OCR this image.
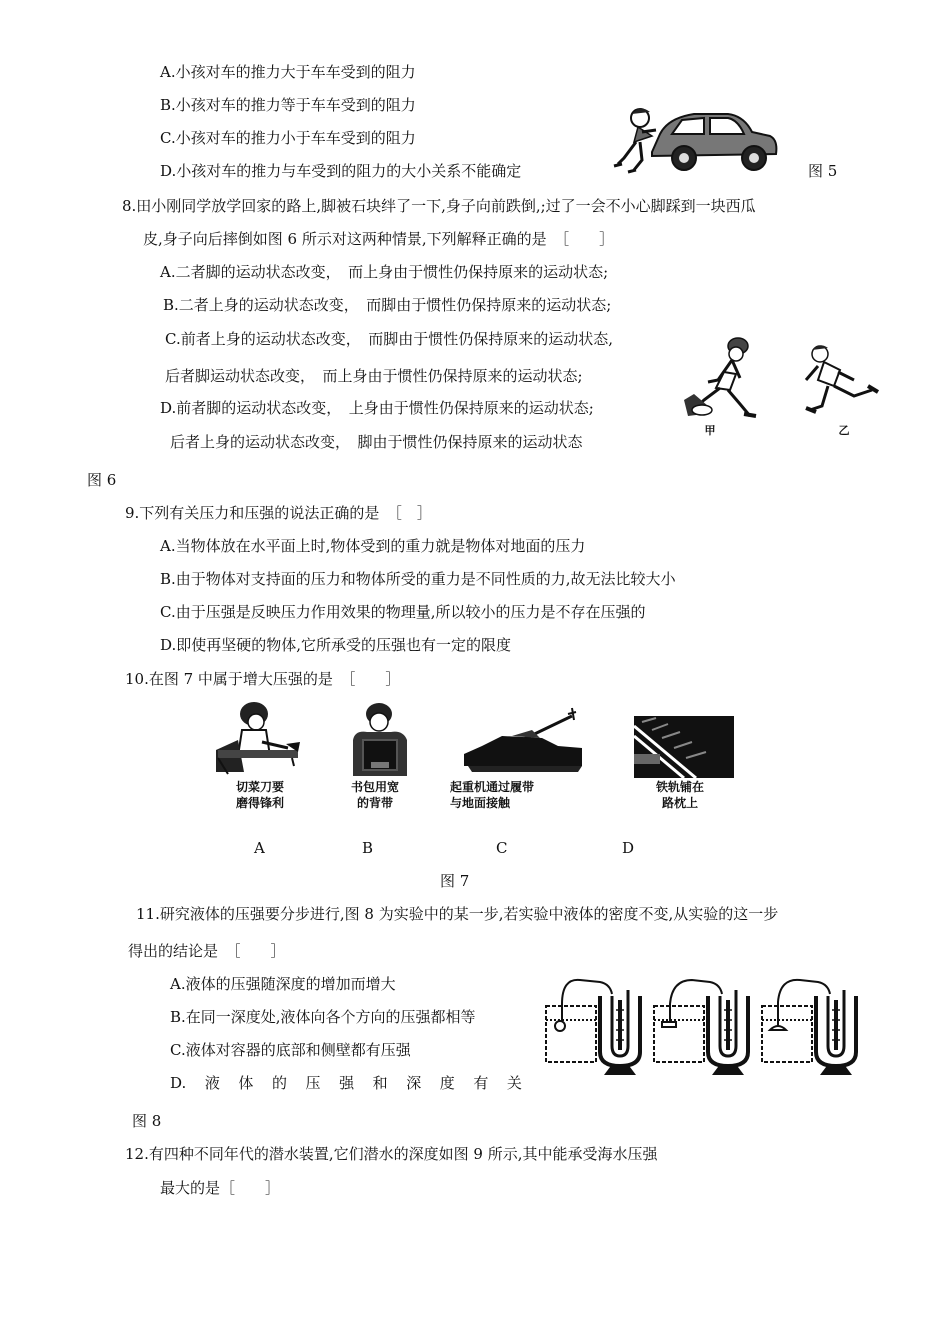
A.小孩对车的推力大于车车受到的阻力
B.小孩对车的推力等于车车受到的阻力
C.小孩对车的推力小于车车受到的阻力
D.小孩对车的推力与车受到的阻力的大小关系不能确定	图 5
8.田小刚同学放学回家的路上,脚被石块绊了一下,身子向前跌倒,;过了一会不小心脚踩到一块西瓜
皮,身子向后摔倒如图 6 所示对这两种情景,下列解释正确的是　［　　］
A.二者脚的运动状态改变，　而上身由于惯性仍保持原来的运动状态;
B.二者上身的运动状态改变，　而脚由于惯性仍保持原来的运动状态;
C.前者上身的运动状态改变，　而脚由于惯性仍保持原来的运动状态,
后者脚运动状态改变，　而上身由于惯性仍保持原来的运动状态;
D.前者脚的运动状态改变，　上身由于惯性仍保持原来的运动状态;
后者上身的运动状态改变，　脚由于惯性仍保持原来的运动状态
甲	乙
图 6
9.下列有关压力和压强的说法正确的是　［　］
A.当物体放在水平面上时,物体受到的重力就是物体对地面的压力
B.由于物体对支持面的压力和物体所受的重力是不同性质的力,故无法比较大小
C.由于压强是反映压力作用效果的物理量,所以较小的压力是不存在压强的
D.即使再坚硬的物体,它所承受的压强也有一定的限度
10.在图 7 中属于增大压强的是　［　　］
切菜刀要
磨得锋利
书包用宽
的背带
起重机通过履带
与地面接触
铁轨铺在
路枕上
A	B	C	D
图 7
11.研究液体的压强要分步进行,图 8 为实验中的某一步,若实验中液体的密度不变,从实验的这一步
得出的结论是　［　　］
A.液体的压强随深度的增加而增大
B.在同一深度处,液体向各个方向的压强都相等
C.液体对容器的底部和侧壁都有压强
D. 液 体 的 压 强 和 深 度 有 关
图 8
12.有四种不同年代的潜水装置,它们潜水的深度如图 9 所示,其中能承受海水压强
最大的是［　　］
